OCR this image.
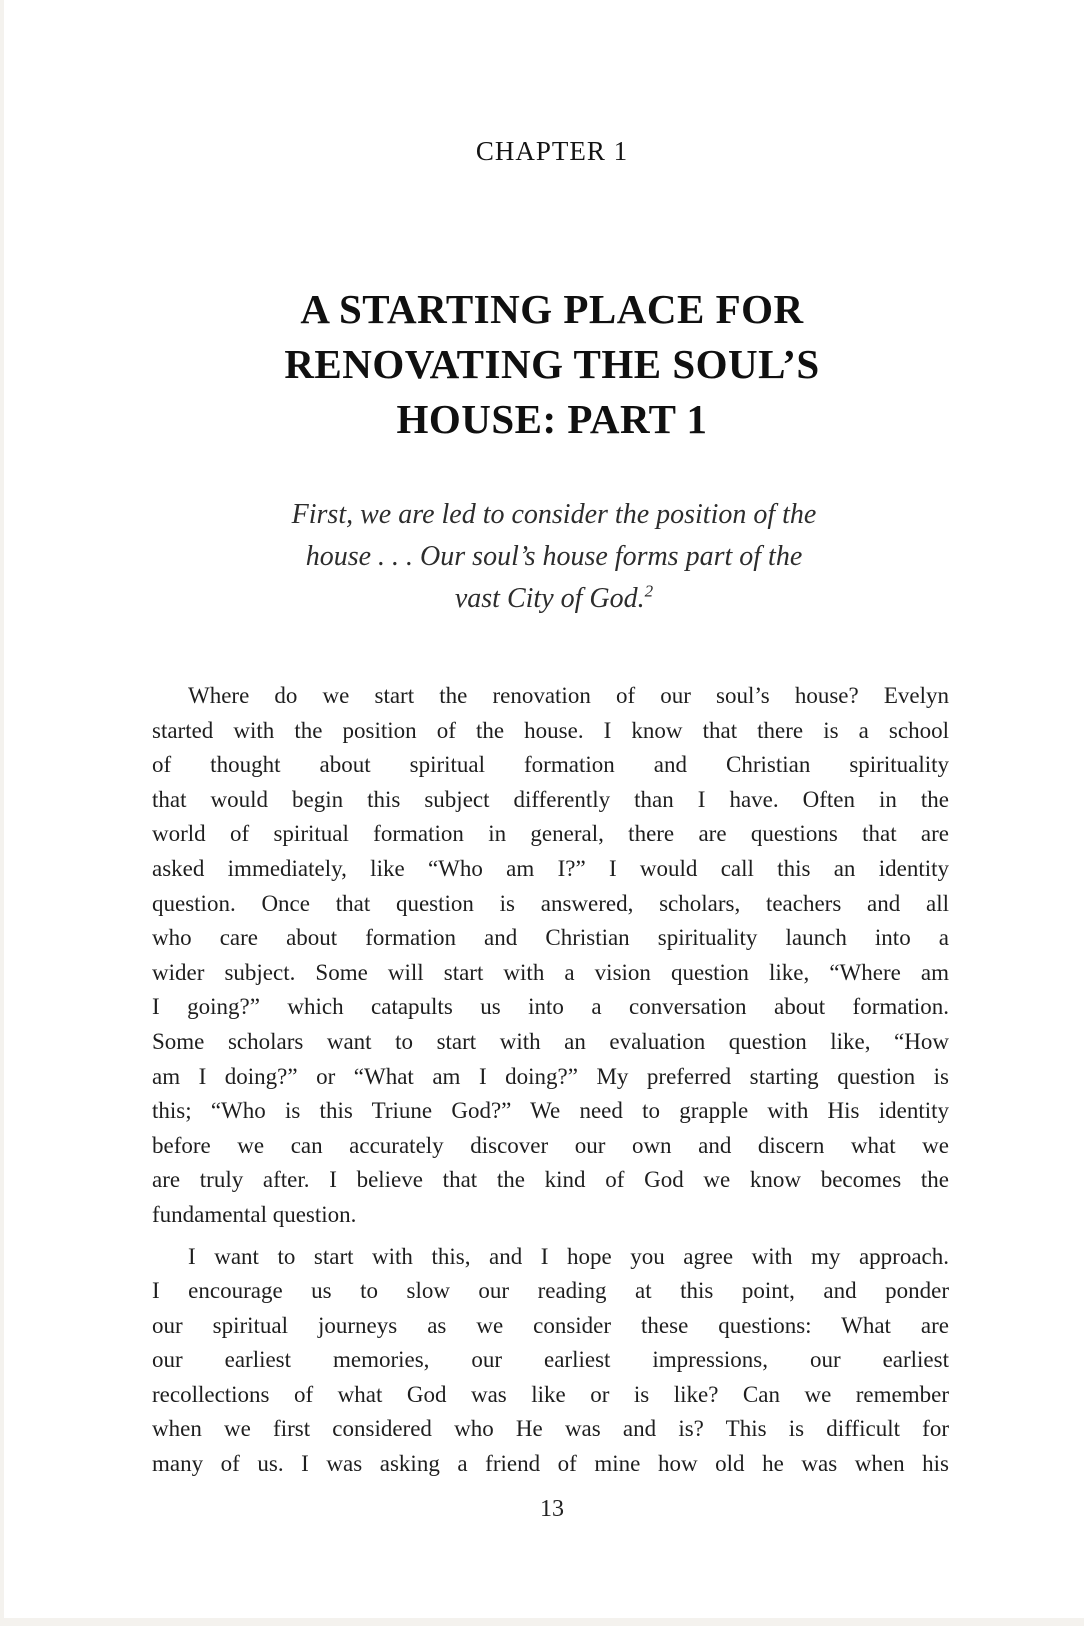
CHAPTER 1
A STARTING PLACE FOR
RENOVATING THE SOUL’S
HOUSE: PART 1
First, we are led to consider the position of the
house . . . Our soul’s house forms part of the
vast City of God.$^2$
Where do we start the renovation of our soul’s house? Evelyn
started with the position of the house. I know that there is a school
of thought about spiritual formation and Christian spirituality
that would begin this subject differently than I have. Often in the
world of spiritual formation in general, there are questions that are
asked immediately, like “Who am I?” I would call this an identity
question. Once that question is answered, scholars, teachers and all
who care about formation and Christian spirituality launch into a
wider subject. Some will start with a vision question like, “Where am
I going?” which catapults us into a conversation about formation.
Some scholars want to start with an evaluation question like, “How
am I doing?” or “What am I doing?” My preferred starting question is
this; “Who is this Triune God?” We need to grapple with His identity
before we can accurately discover our own and discern what we
are truly after. I believe that the kind of God we know becomes the
fundamental question.
I want to start with this, and I hope you agree with my approach.
I encourage us to slow our reading at this point, and ponder
our spiritual journeys as we consider these questions: What are
our earliest memories, our earliest impressions, our earliest
recollections of what God was like or is like? Can we remember
when we first considered who He was and is? This is difficult for
many of us. I was asking a friend of mine how old he was when his
13
